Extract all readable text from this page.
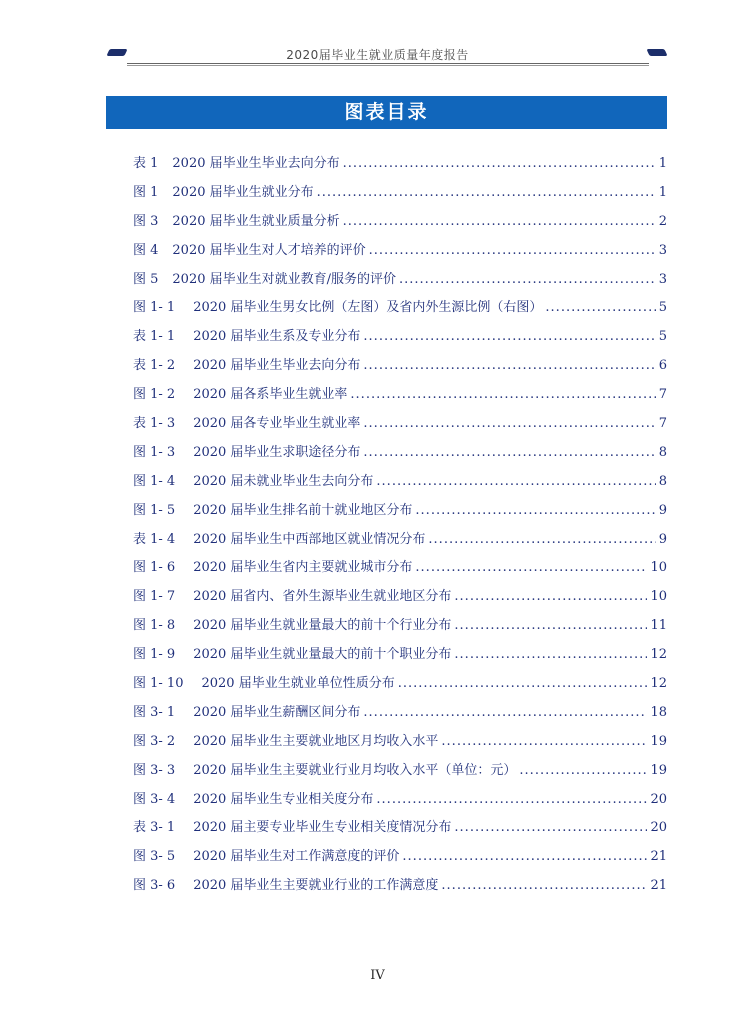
2020届毕业生就业质量年度报告
图表目录
表 1 2020 届毕业生毕业去向分布 .....	1
图 1 2020 届毕业生就业分布 .....	1
图 3 2020 届毕业生就业质量分析 .....	2
图 4 2020 届毕业生对人才培养的评价 .....	3
图 5 2020 届毕业生对就业教育/服务的评价 .....	3
图 1- 1 2020 届毕业生男女比例（左图）及省内外生源比例（右图） .....	5
表 1- 1 2020 届毕业生系及专业分布 .....	5
表 1- 2 2020 届毕业生毕业去向分布 .....	6
图 1- 2 2020 届各系毕业生就业率 .....	7
表 1- 3 2020 届各专业毕业生就业率 .....	7
图 1- 3 2020 届毕业生求职途径分布 .....	8
图 1- 4 2020 届未就业毕业生去向分布 .....	8
图 1- 5 2020 届毕业生排名前十就业地区分布 .....	9
表 1- 4 2020 届毕业生中西部地区就业情况分布 .....	9
图 1- 6 2020 届毕业生省内主要就业城市分布 .....	10
图 1- 7 2020 届省内、省外生源毕业生就业地区分布 .....	10
图 1- 8 2020 届毕业生就业量最大的前十个行业分布 .....	11
图 1- 9 2020 届毕业生就业量最大的前十个职业分布 .....	12
图 1- 10 2020 届毕业生就业单位性质分布 .....	12
图 3- 1 2020 届毕业生薪酬区间分布 .....	18
图 3- 2 2020 届毕业生主要就业地区月均收入水平 .....	19
图 3- 3 2020 届毕业生主要就业行业月均收入水平（单位：元） .....	19
图 3- 4 2020 届毕业生专业相关度分布 .....	20
表 3- 1 2020 届主要专业毕业生专业相关度情况分布 .....	20
图 3- 5 2020 届毕业生对工作满意度的评价 .....	21
图 3- 6 2020 届毕业生主要就业行业的工作满意度 .....	21
IV
